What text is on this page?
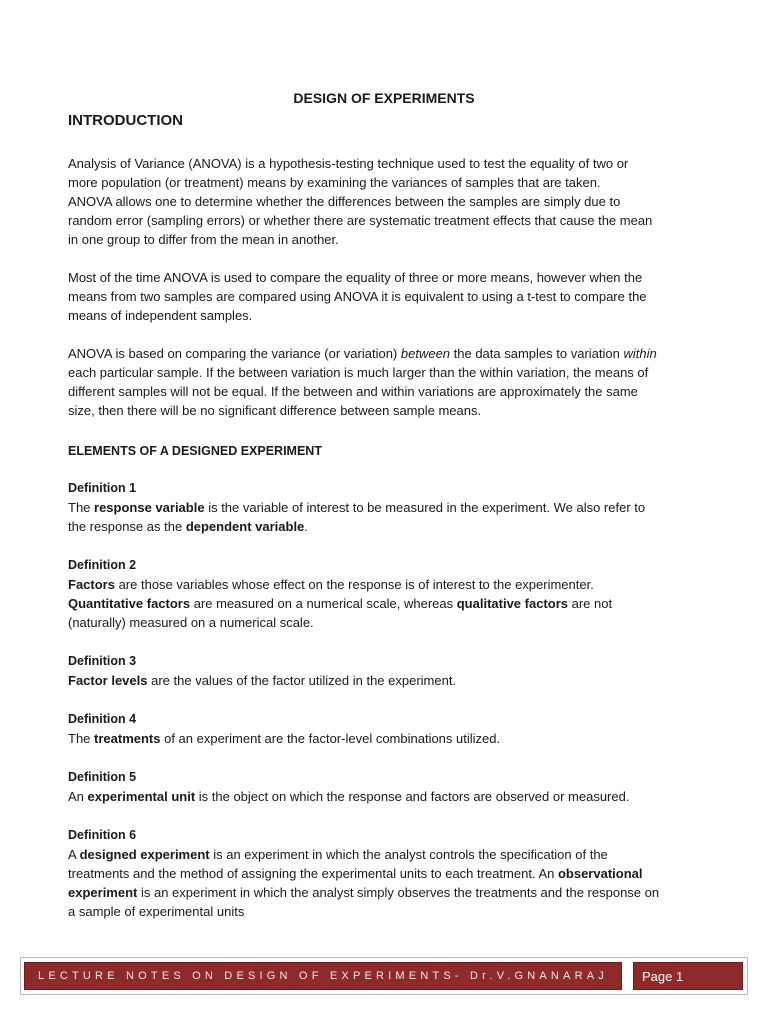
DESIGN OF EXPERIMENTS
INTRODUCTION

Analysis of Variance (ANOVA) is a hypothesis-testing technique used to test the equality of two or
more population (or treatment) means by examining the variances of samples that are taken.
ANOVA allows one to determine whether the differences between the samples are simply due to
random error (sampling errors) or whether there are systematic treatment effects that cause the mean
in one group to differ from the mean in another.

Most of the time ANOVA is used to compare the equality of three or more means, however when the
means from two samples are compared using ANOVA it is equivalent to using a t-test to compare the
means of independent samples.

ANOVA is based on comparing the variance (or variation) between the data samples to variation within
each particular sample. If the between variation is much larger than the within variation, the means of
different samples will not be equal. If the between and within variations are approximately the same
size, then there will be no significant difference between sample means.

ELEMENTS OF A DESIGNED EXPERIMENT

Definition 1
The response variable is the variable of interest to be measured in the experiment. We also refer to
the response as the dependent variable.

Definition 2
Factors are those variables whose effect on the response is of interest to the experimenter.
Quantitative factors are measured on a numerical scale, whereas qualitative factors are not
(naturally) measured on a numerical scale.

Definition 3
Factor levels are the values of the factor utilized in the experiment.

Definition 4
The treatments of an experiment are the factor-level combinations utilized.

Definition 5
An experimental unit is the object on which the response and factors are observed or measured.

Definition 6
A designed experiment is an experiment in which the analyst controls the specification of the
treatments and the method of assigning the experimental units to each treatment. An observational
experiment is an experiment in which the analyst simply observes the treatments and the response on
a sample of experimental units

LECTURE NOTES ON DESIGN OF EXPERIMENTS- Dr.V.GNANARAJ	Page 1
